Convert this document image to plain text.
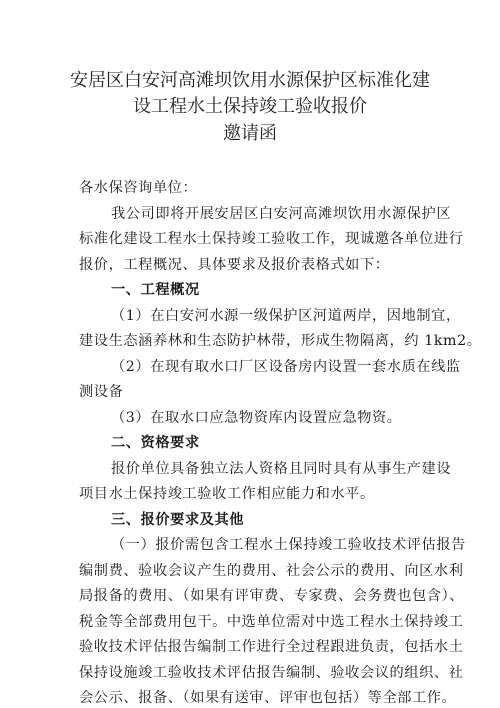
安居区白安河高滩坝饮用水源保护区标准化建
设工程水土保持竣工验收报价
邀请函
各水保咨询单位：
我公司即将开展安居区白安河高滩坝饮用水源保护区
标准化建设工程水土保持竣工验收工作，现诚邀各单位进行
报价，工程概况、具体要求及报价表格式如下：
一、工程概况
（1）在白安河水源一级保护区河道两岸，因地制宜，
建设生态涵养林和生态防护林带，形成生物隔离，约 1km2。
（2）在现有取水口厂区设备房内设置一套水质在线监
测设备
（3）在取水口应急物资库内设置应急物资。
二、资格要求
报价单位具备独立法人资格且同时具有从事生产建设
项目水土保持竣工验收工作相应能力和水平。
三、报价要求及其他
（一）报价需包含工程水土保持竣工验收技术评估报告
编制费、验收会议产生的费用、社会公示的费用、向区水利
局报备的费用、（如果有评审费、专家费、会务费也包含）、
税金等全部费用包干。中选单位需对中选工程水土保持竣工
验收技术评估报告编制工作进行全过程跟进负责，包括水土
保持设施竣工验收技术评估报告编制、验收会议的组织、社
会公示、报备、（如果有送审、评审也包括）等全部工作。
